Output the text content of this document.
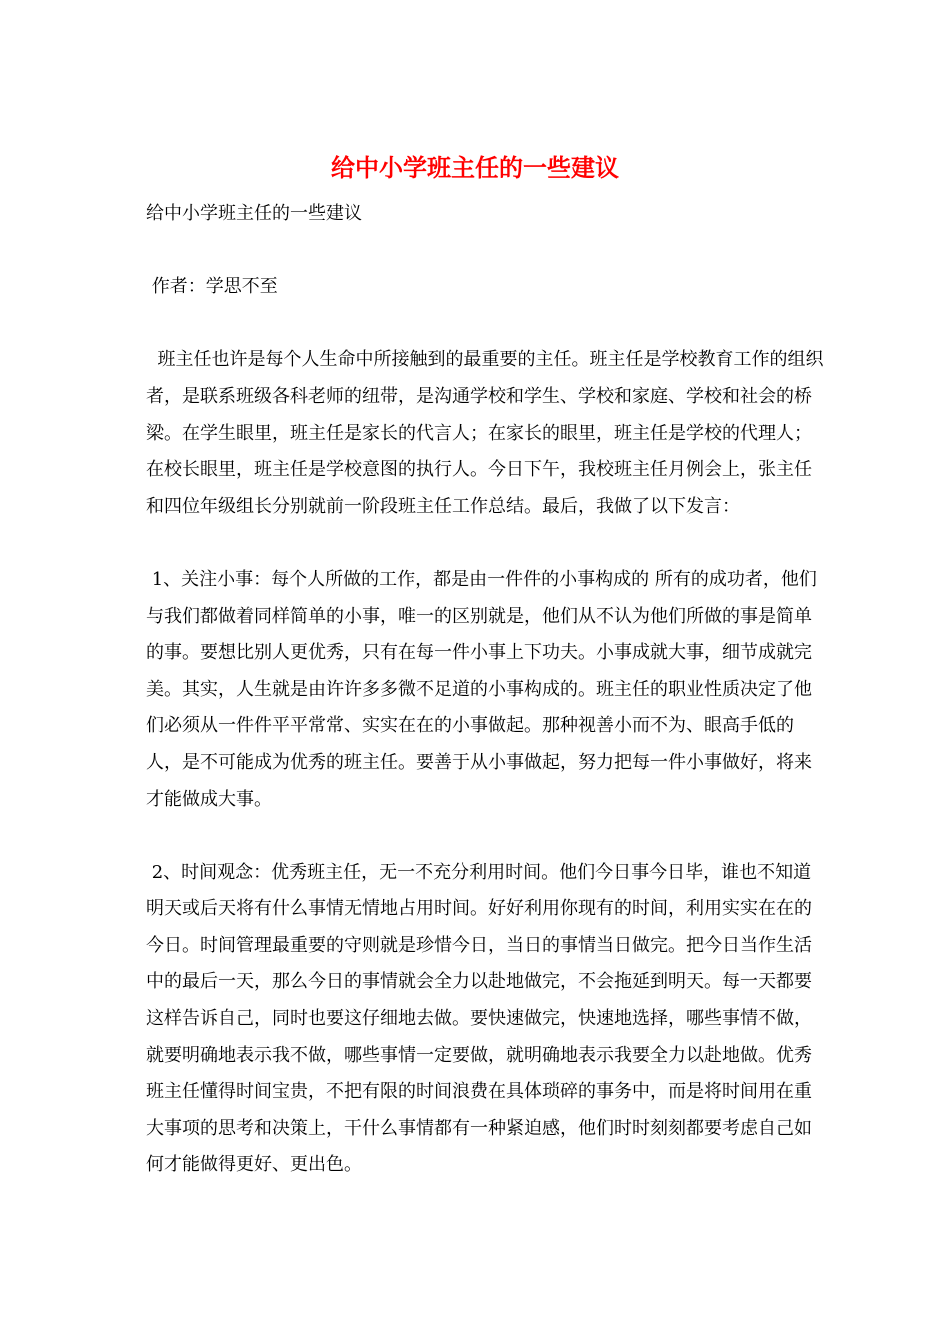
给中小学班主任的一些建议

给中小学班主任的一些建议

作者：学思不至

班主任也许是每个人生命中所接触到的最重要的主任。班主任是学校教育工作的组织者，是联系班级各科老师的纽带，是沟通学校和学生、学校和家庭、学校和社会的桥梁。在学生眼里，班主任是家长的代言人；在家长的眼里，班主任是学校的代理人；在校长眼里，班主任是学校意图的执行人。今日下午，我校班主任月例会上，张主任和四位年级组长分别就前一阶段班主任工作总结。最后，我做了以下发言：

1、关注小事：每个人所做的工作，都是由一件件的小事构成的 所有的成功者，他们与我们都做着同样简单的小事，唯一的区别就是，他们从不认为他们所做的事是简单的事。要想比别人更优秀，只有在每一件小事上下功夫。小事成就大事，细节成就完美。其实，人生就是由许许多多微不足道的小事构成的。班主任的职业性质决定了他们必须从一件件平平常常、实实在在的小事做起。那种视善小而不为、眼高手低的人，是不可能成为优秀的班主任。要善于从小事做起，努力把每一件小事做好，将来才能做成大事。

2、时间观念：优秀班主任，无一不充分利用时间。他们今日事今日毕，谁也不知道明天或后天将有什么事情无情地占用时间。好好利用你现有的时间，利用实实在在的今日。时间管理最重要的守则就是珍惜今日，当日的事情当日做完。把今日当作生活中的最后一天，那么今日的事情就会全力以赴地做完，不会拖延到明天。每一天都要这样告诉自己，同时也要这仔细地去做。要快速做完，快速地选择，哪些事情不做，就要明确地表示我不做，哪些事情一定要做，就明确地表示我要全力以赴地做。优秀班主任懂得时间宝贵，不把有限的时间浪费在具体琐碎的事务中，而是将时间用在重大事项的思考和决策上，干什么事情都有一种紧迫感，他们时时刻刻都要考虑自己如何才能做得更好、更出色。
